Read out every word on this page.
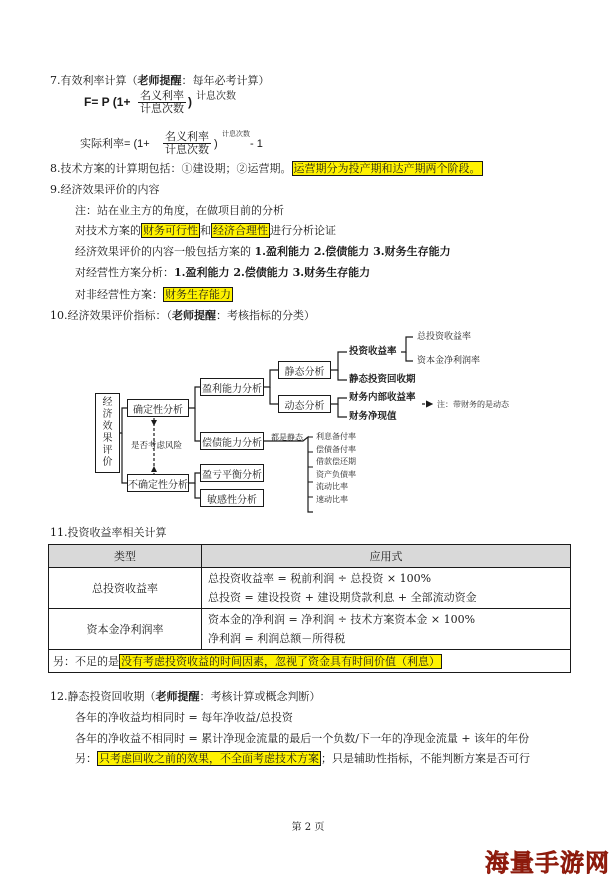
7.有效利率计算（老师提醒：每年必考计算）
F= P (1+ 名义利率
计息次数 ) 计息次数
实际利率= (1+
名义利率
计息次数 )
计息次数
- 1
8.技术方案的计算期包括：①建设期；②运营期。 运营期分为投产期和达产期两个阶段。
9.经济效果评价的内容
注：站在业主方的角度，在做项目前的分析
对技术方案的 财务可行性 和 经济合理性 进行分析论证
经济效果评价的内容一般包括方案的 1.盈利能力 2.偿债能力 3.财务生存能力
对经营性方案分析：1.盈利能力 2.偿债能力 3.财务生存能力
对非经营性方案： 财务生存能力
10.经济效果评价指标：（老师提醒：考核指标的分类）
经济效果评价
确定性分析
不确定性分析
是否考虑风险
盈利能力分析
偿债能力分析
盈亏平衡分析
敏感性分析
静态分析
动态分析
投资收益率
总投资收益率
资本金净利润率
静态投资回收期
财务内部收益率
财务净现值
注：带财务的是动态
都是静态 利息备付率
偿债备付率
借款偿还期
资产负债率
流动比率
速动比率
11.投资收益率相关计算
类型	应用式
总投资收益率	总投资收益率 = 税前利润 ÷ 总投资 × 100%
总投资 = 建设投资 + 建设期贷款利息 + 全部流动资金

资本金净利润率	资本金的净利润 = 净利润 ÷ 技术方案资本金 × 100%
净利润 = 利润总额－所得税

另：不足的是 没有考虑投资收益的时间因素，忽视了资金具有时间价值（利息）	
12.静态投资回收期（老师提醒：考核计算或概念判断）
各年的净收益均相同时 = 每年净收益/总投资
各年的净收益不相同时 = 累计净现金流量的最后一个负数/下一年的净现金流量 + 该年的年份
另： 只考虑回收之前的效果，不全面考虑技术方案 ；只是辅助性指标，不能判断方案是否可行
第 2 页
海量手游网
